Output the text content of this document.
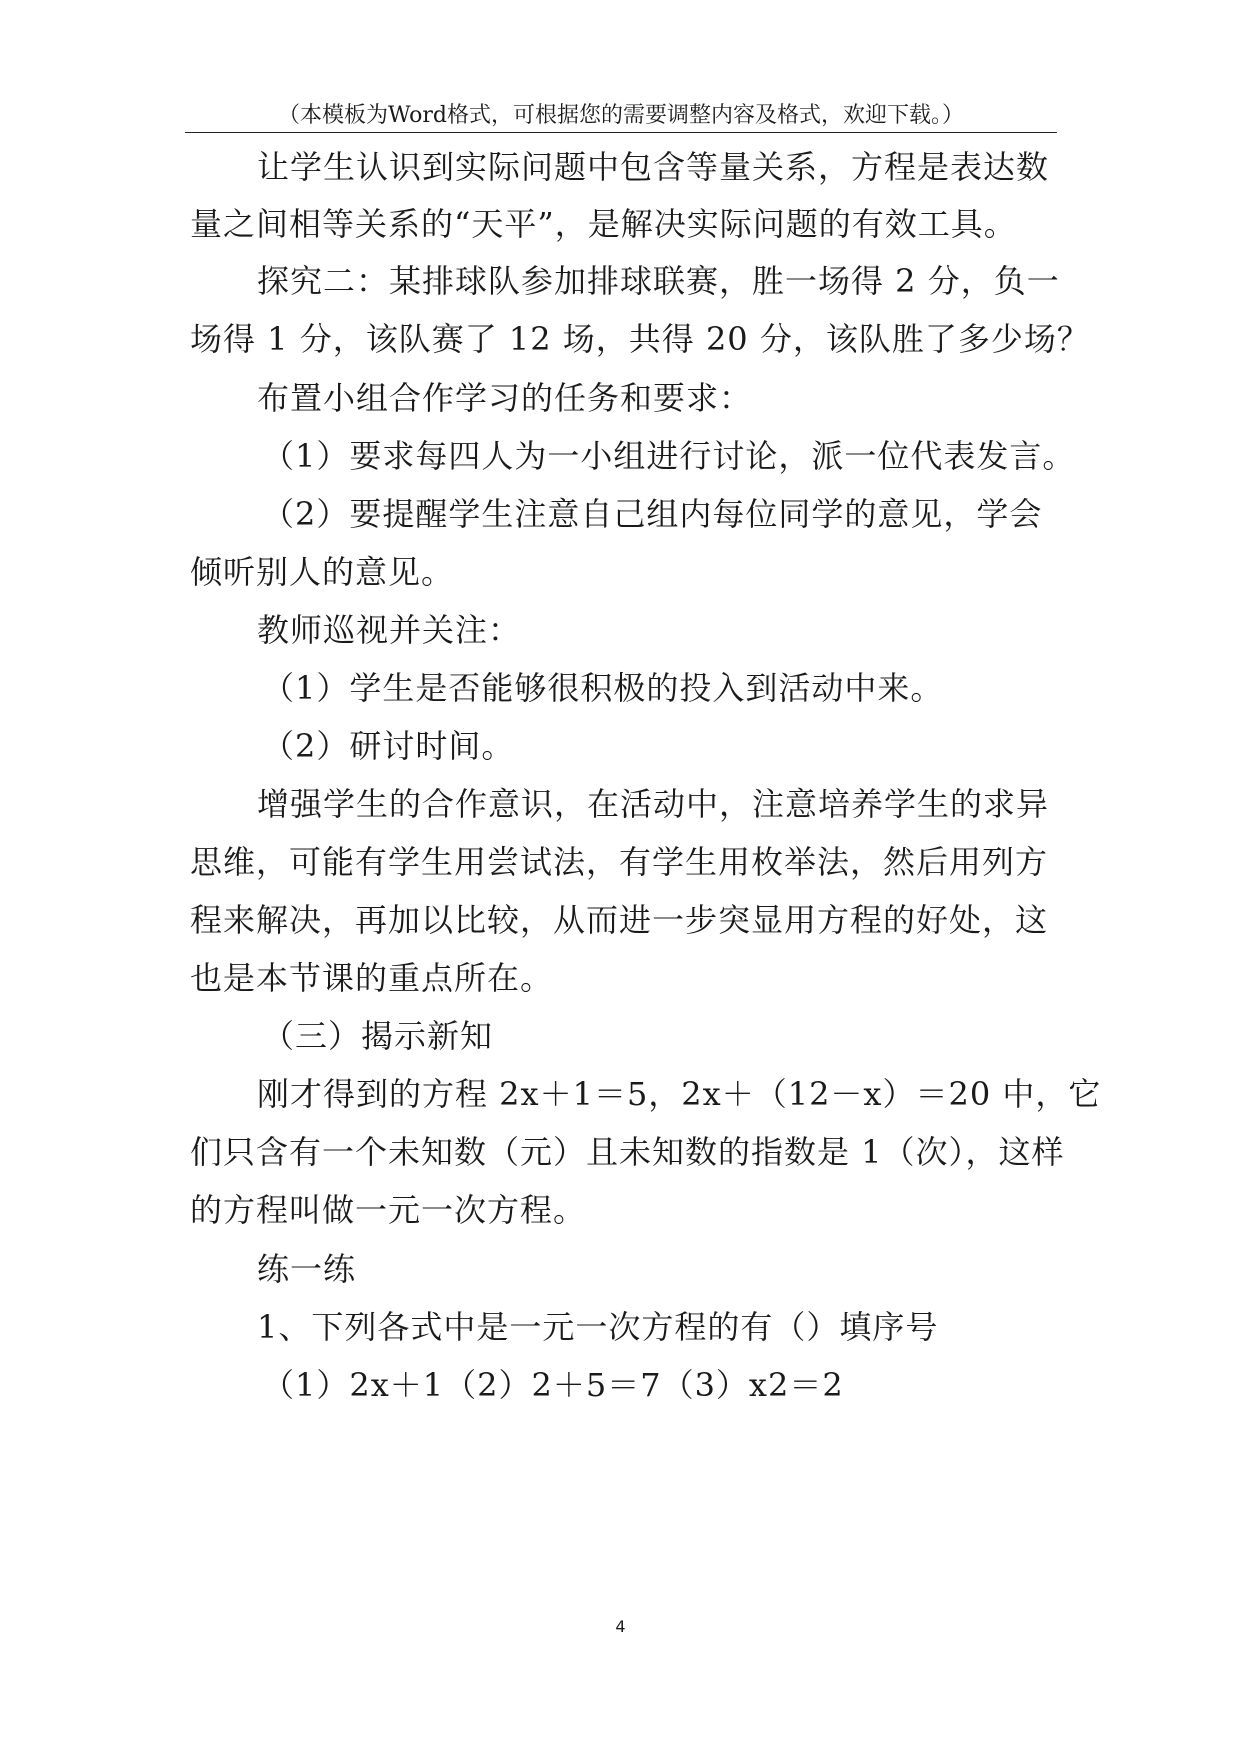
（本模板为Word格式，可根据您的需要调整内容及格式，欢迎下载。）
让学生认识到实际问题中包含等量关系，方程是表达数
量之间相等关系的“天平”，是解决实际问题的有效工具。
探究二：某排球队参加排球联赛，胜一场得 2 分，负一
场得 1 分，该队赛了 12 场，共得 20 分，该队胜了多少场？
布置小组合作学习的任务和要求：
（1）要求每四人为一小组进行讨论，派一位代表发言。
（2）要提醒学生注意自己组内每位同学的意见，学会
倾听别人的意见。
教师巡视并关注：
（1）学生是否能够很积极的投入到活动中来。
（2）研讨时间。
增强学生的合作意识，在活动中，注意培养学生的求异
思维，可能有学生用尝试法，有学生用枚举法，然后用列方
程来解决，再加以比较，从而进一步突显用方程的好处，这
也是本节课的重点所在。
（三）揭示新知
刚才得到的方程 2x＋1＝5，2x＋（12－x）＝20 中，它
们只含有一个未知数（元）且未知数的指数是 1（次），这样
的方程叫做一元一次方程。
练一练
1、下列各式中是一元一次方程的有（）填序号
（1）2x＋1（2）2＋5＝7（3）x2＝2
4
